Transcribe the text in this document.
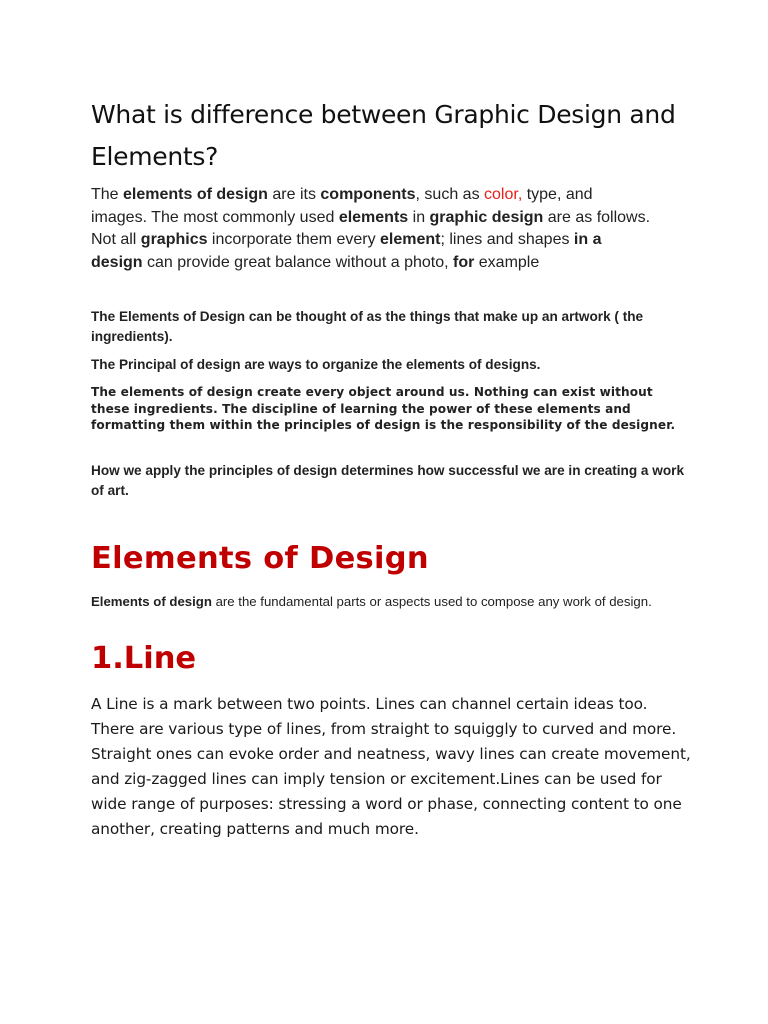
What is difference between Graphic Design and Elements?

The elements of design are its components, such as color, type, and images. The most commonly used elements in graphic design are as follows. Not all graphics incorporate them every element; lines and shapes in a design can provide great balance without a photo, for example

The Elements of Design can be thought of as the things that make up an artwork ( the ingredients).

The Principal of design are ways to organize the elements of designs.

The elements of design create every object around us. Nothing can exist without these ingredients. The discipline of learning the power of these elements and formatting them within the principles of design is the responsibility of the designer.

How we apply the principles of design determines how successful we are in creating a work of art.

Elements of Design

Elements of design are the fundamental parts or aspects used to compose any work of design.

1.Line

A Line is a mark between two points. Lines can channel certain ideas too. There are various type of lines, from straight to squiggly to curved and more. Straight ones can evoke order and neatness, wavy lines can create movement, and zig-zagged lines can imply tension or excitement.Lines can be used for wide range of purposes: stressing a word or phase, connecting content to one another, creating patterns and much more.
